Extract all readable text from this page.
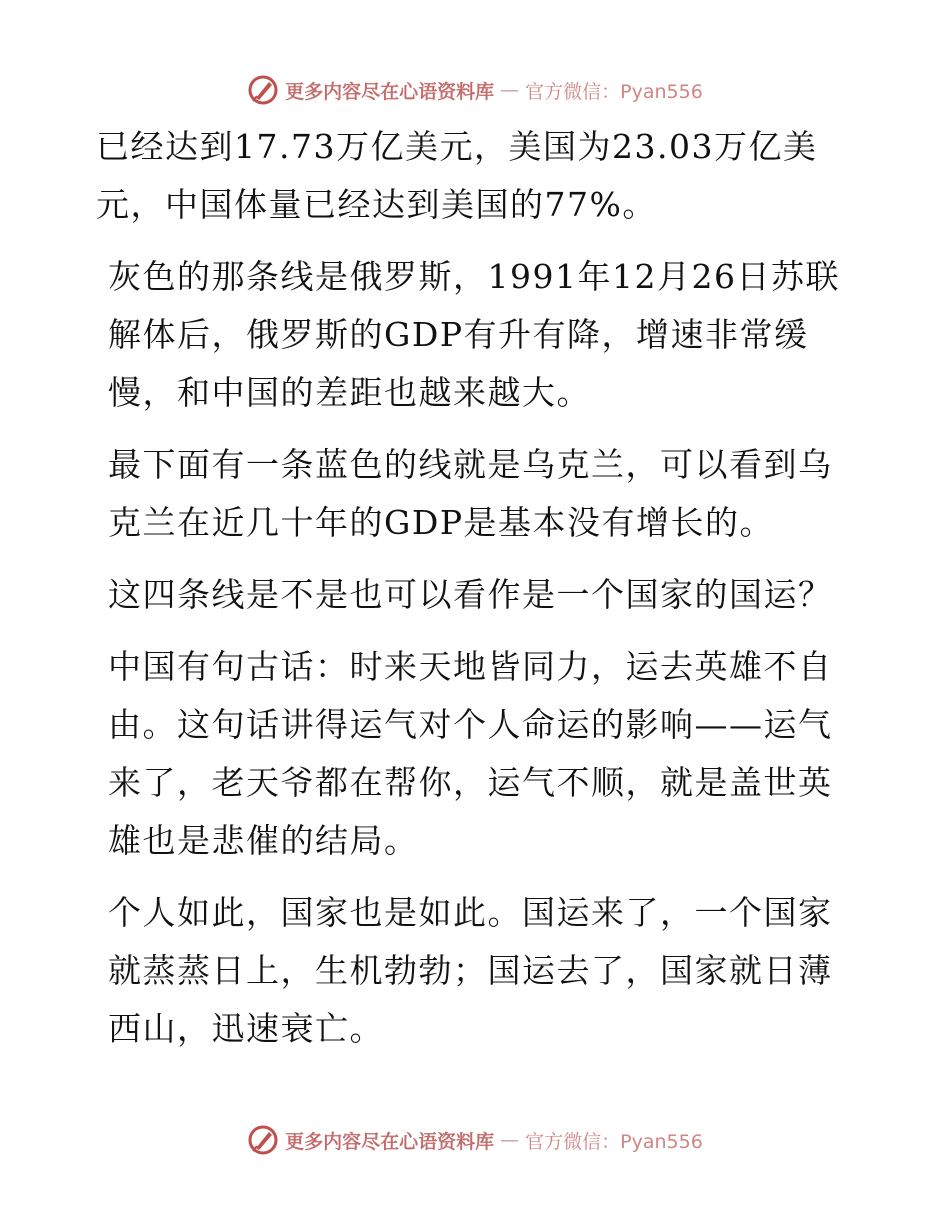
更多内容尽在心语资料库 — 官方微信：Pyan556

已经达到17.73万亿美元，美国为23.03万亿美元，中国体量已经达到美国的77%。

灰色的那条线是俄罗斯，1991年12月26日苏联解体后，俄罗斯的GDP有升有降，增速非常缓慢，和中国的差距也越来越大。

最下面有一条蓝色的线就是乌克兰，可以看到乌克兰在近几十年的GDP是基本没有增长的。

这四条线是不是也可以看作是一个国家的国运？

中国有句古话：时来天地皆同力，运去英雄不自由。这句话讲得运气对个人命运的影响——运气来了，老天爷都在帮你，运气不顺，就是盖世英雄也是悲催的结局。

个人如此，国家也是如此。国运来了，一个国家就蒸蒸日上，生机勃勃；国运去了，国家就日薄西山，迅速衰亡。

更多内容尽在心语资料库 — 官方微信：Pyan556
